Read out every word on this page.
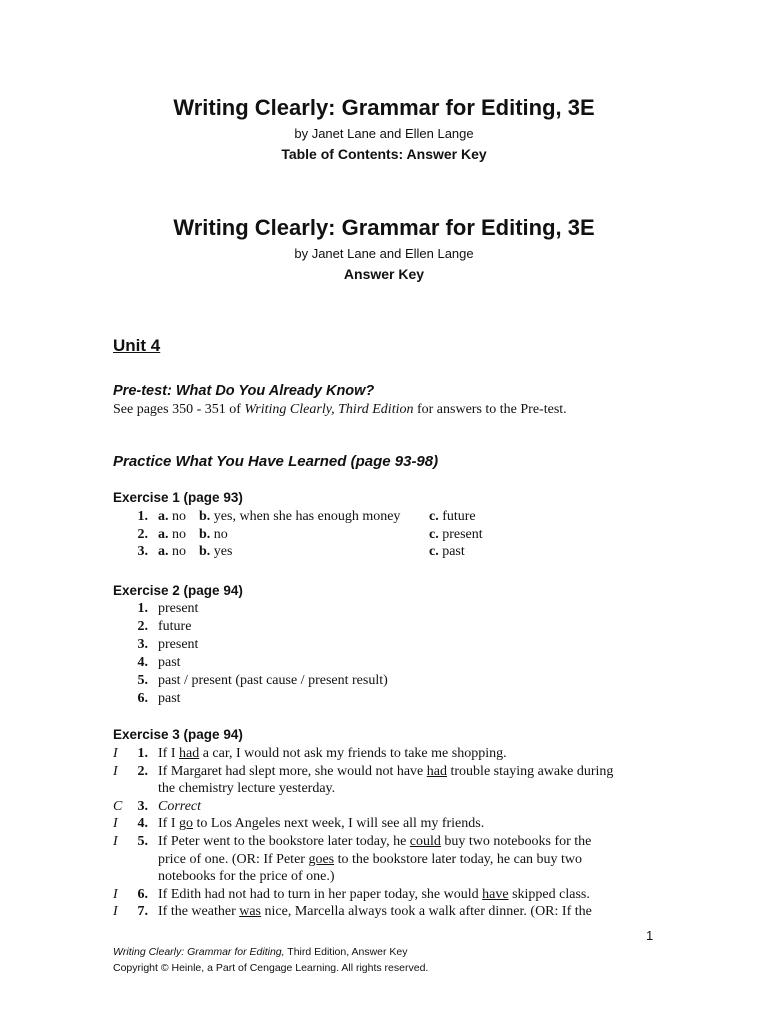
Writing Clearly: Grammar for Editing, 3E
by Janet Lane and Ellen Lange
Table of Contents: Answer Key
Writing Clearly: Grammar for Editing, 3E
by Janet Lane and Ellen Lange
Answer Key
Unit 4
Pre-test: What Do You Already Know?
See pages 350 - 351 of Writing Clearly, Third Edition for answers to the Pre-test.
Practice What You Have Learned (page 93-98)
Exercise 1 (page 93)
1. a. no b. yes, when she has enough money c. future
2. a. no b. no	c. present
3. a. no b. yes	c. past
Exercise 2 (page 94)
1. present
2. future
3. present
4. past
5. past / present (past cause / present result)
6. past
Exercise 3 (page 94)
I	1. If I had a car, I would not ask my friends to take me shopping.
I	2. If Margaret had slept more, she would not have had trouble staying awake during
the chemistry lecture yesterday.
C	3. Correct
I	4. If I go to Los Angeles next week, I will see all my friends.
I	5. If Peter went to the bookstore later today, he could buy two notebooks for the
price of one. (OR: If Peter goes to the bookstore later today, he can buy two
notebooks for the price of one.)
I	6. If Edith had not had to turn in her paper today, she would have skipped class.
I	7. If the weather was nice, Marcella always took a walk after dinner. (OR: If the
1
Writing Clearly: Grammar for Editing, Third Edition, Answer Key
Copyright © Heinle, a Part of Cengage Learning. All rights reserved.
